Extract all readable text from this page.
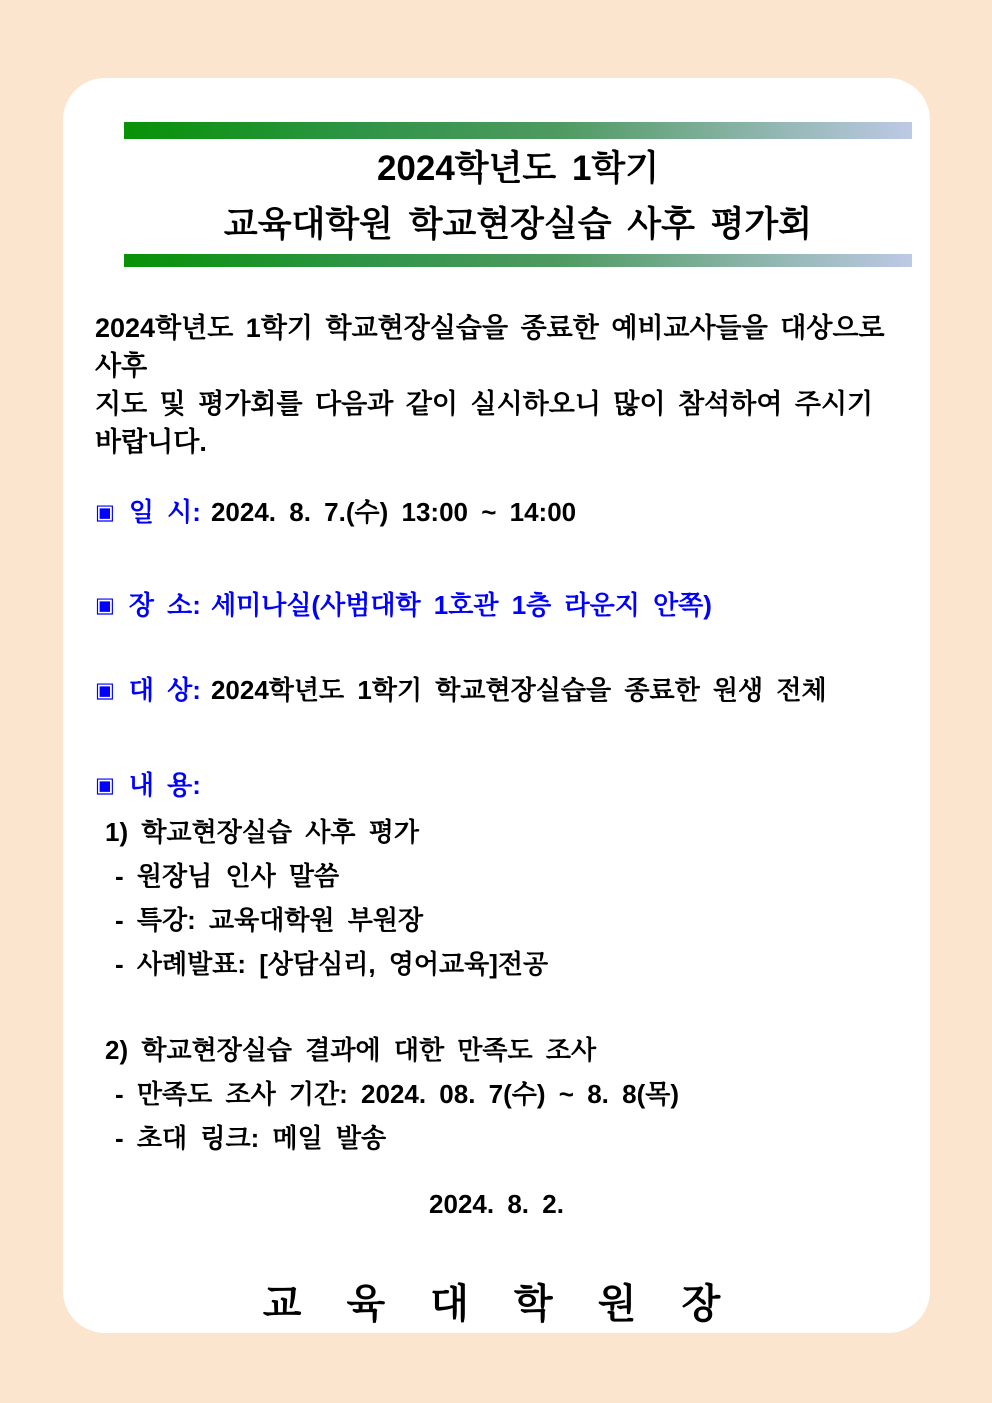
2024학년도 1학기
교육대학원 학교현장실습 사후 평가회
2024학년도 1학기 학교현장실습을 종료한 예비교사들을 대상으로 사후
지도 및 평가회를 다음과 같이 실시하오니 많이 참석하여 주시기 바랍니다.
▣ 일 시: 2024. 8. 7.(수) 13:00 ~ 14:00
▣ 장 소: 세미나실(사범대학 1호관 1층 라운지 안쪽)
▣ 대 상: 2024학년도 1학기 학교현장실습을 종료한 원생 전체
▣ 내 용:
1) 학교현장실습 사후 평가
- 원장님 인사 말씀
- 특강: 교육대학원 부원장
- 사례발표: [상담심리, 영어교육]전공
2) 학교현장실습 결과에 대한 만족도 조사
- 만족도 조사 기간: 2024. 08. 7(수) ~ 8. 8(목)
- 초대 링크: 메일 발송
2024. 8. 2.
교 육 대 학 원 장
